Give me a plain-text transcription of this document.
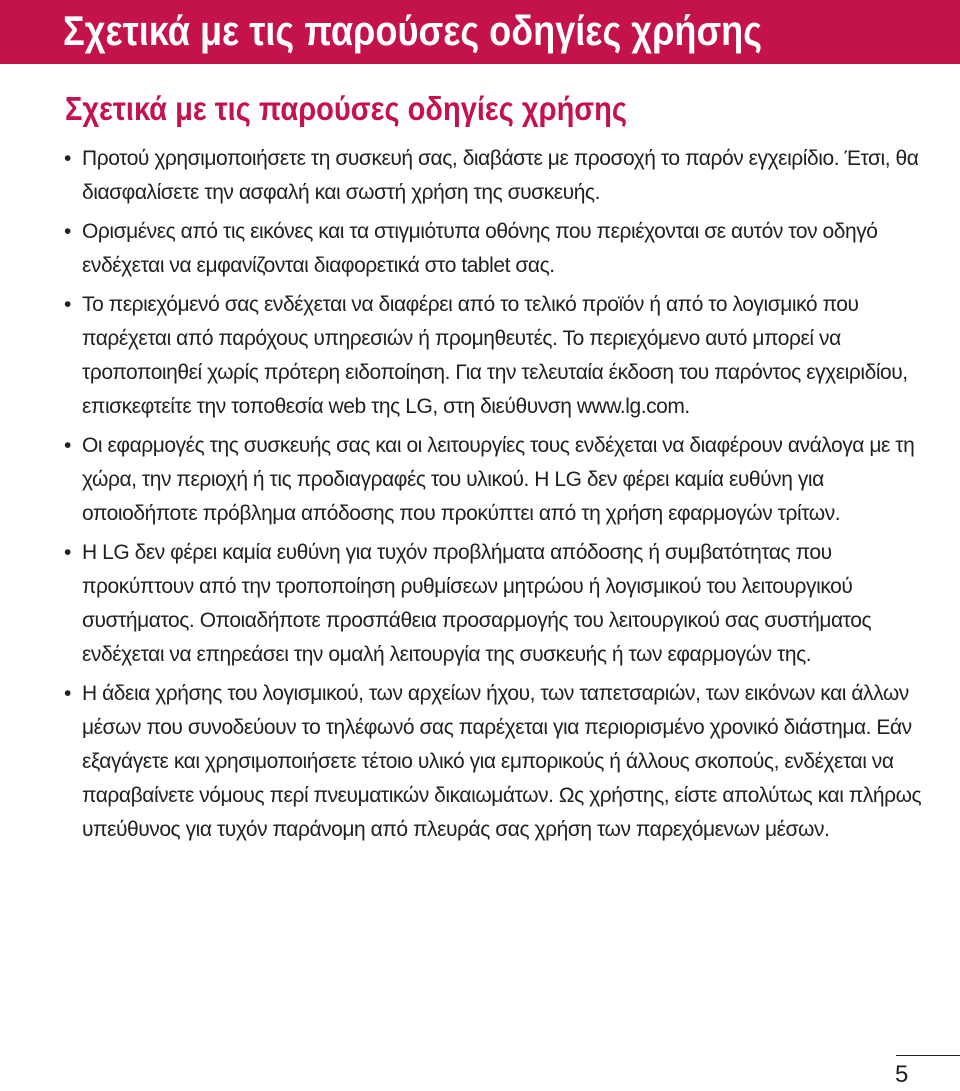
Σχετικά με τις παρούσες οδηγίες χρήσης
Σχετικά με τις παρούσες οδηγίες χρήσης
• Προτού χρησιμοποιήσετε τη συσκευή σας, διαβάστε με προσοχή το παρόν εγχειρίδιο. Έτσι, θα διασφαλίσετε την ασφαλή και σωστή χρήση της συσκευής.
• Ορισμένες από τις εικόνες και τα στιγμιότυπα οθόνης που περιέχονται σε αυτόν τον οδηγό ενδέχεται να εμφανίζονται διαφορετικά στο tablet σας.
• Το περιεχόμενό σας ενδέχεται να διαφέρει από το τελικό προϊόν ή από το λογισμικό που παρέχεται από παρόχους υπηρεσιών ή προμηθευτές. Το περιεχόμενο αυτό μπορεί να τροποποιηθεί χωρίς πρότερη ειδοποίηση. Για την τελευταία έκδοση του παρόντος εγχειριδίου, επισκεφτείτε την τοποθεσία web της LG, στη διεύθυνση www.lg.com.
• Οι εφαρμογές της συσκευής σας και οι λειτουργίες τους ενδέχεται να διαφέρουν ανάλογα με τη χώρα, την περιοχή ή τις προδιαγραφές του υλικού. Η LG δεν φέρει καμία ευθύνη για οποιοδήποτε πρόβλημα απόδοσης που προκύπτει από τη χρήση εφαρμογών τρίτων.
• Η LG δεν φέρει καμία ευθύνη για τυχόν προβλήματα απόδοσης ή συμβατότητας που προκύπτουν από την τροποποίηση ρυθμίσεων μητρώου ή λογισμικού του λειτουργικού συστήματος. Οποιαδήποτε προσπάθεια προσαρμογής του λειτουργικού σας συστήματος ενδέχεται να επηρεάσει την ομαλή λειτουργία της συσκευής ή των εφαρμογών της.
• Η άδεια χρήσης του λογισμικού, των αρχείων ήχου, των ταπετσαριών, των εικόνων και άλλων μέσων που συνοδεύουν το τηλέφωνό σας παρέχεται για περιορισμένο χρονικό διάστημα. Εάν εξαγάγετε και χρησιμοποιήσετε τέτοιο υλικό για εμπορικούς ή άλλους σκοπούς, ενδέχεται να παραβαίνετε νόμους περί πνευματικών δικαιωμάτων. Ως χρήστης, είστε απολύτως και πλήρως υπεύθυνος για τυχόν παράνομη από πλευράς σας χρήση των παρεχόμενων μέσων.
5
